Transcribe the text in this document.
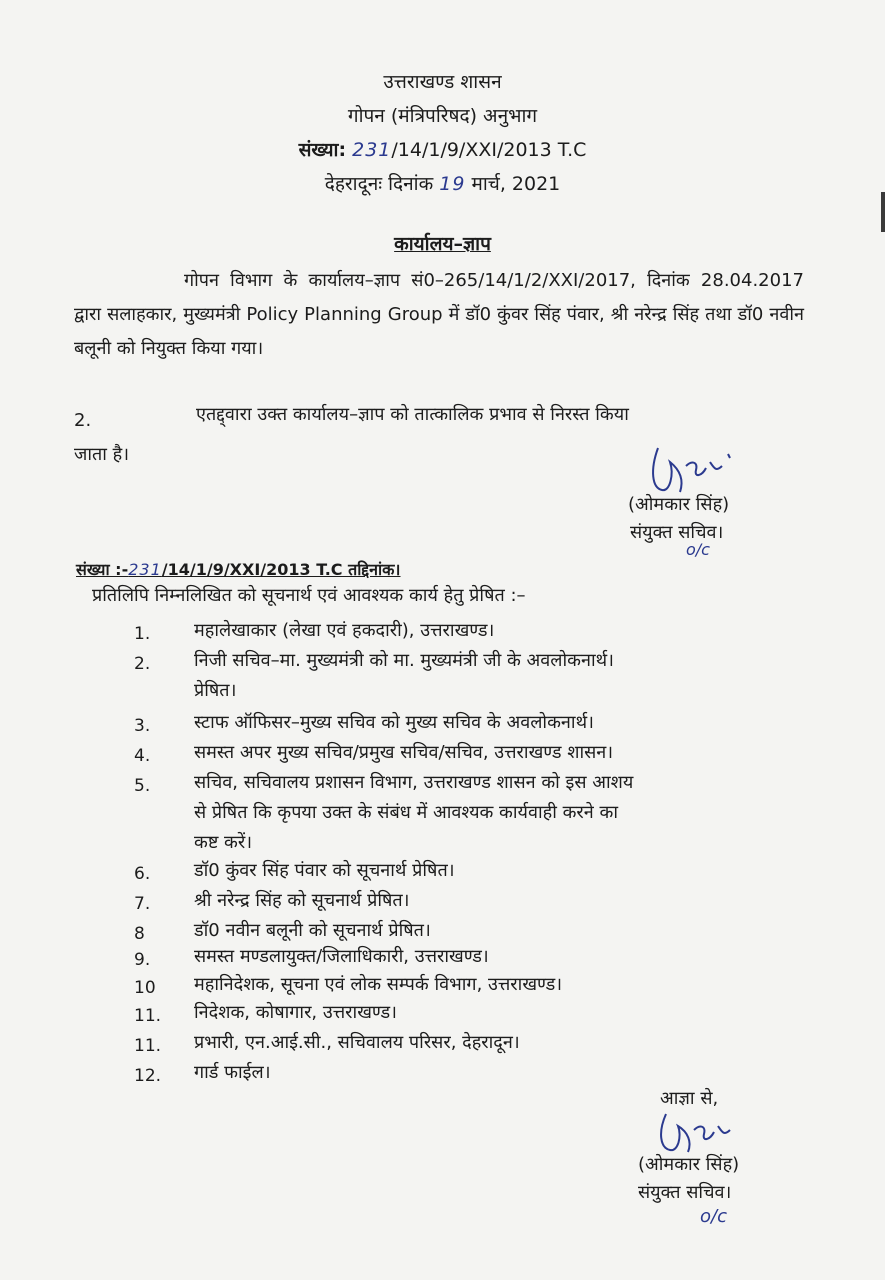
उत्तराखण्ड शासन
गोपन (मंत्रिपरिषद) अनुभाग
संख्या: 231/14/1/9/XXI/2013 T.C
देहरादूनः दिनांक 19 मार्च, 2021
कार्यालय–ज्ञाप
गोपन विभाग के कार्यालय–ज्ञाप सं0–265/14/1/2/XXI/2017, दिनांक 28.04.2017 द्वारा सलाहकार, मुख्यमंत्री Policy Planning Group में डॉ0 कुंवर सिंह पंवार, श्री नरेन्द्र सिंह तथा डॉ0 नवीन बलूनी को नियुक्त किया गया।
2.	एतद्द्वारा उक्त कार्यालय–ज्ञाप को तात्कालिक प्रभाव से निरस्त किया
जाता है।
(ओमकार सिंह)
संयुक्त सचिव।
o/c
संख्या :-231/14/1/9/XXI/2013 T.C तद्दिनांक।
प्रतिलिपि निम्नलिखित को सूचनार्थ एवं आवश्यक कार्य हेतु प्रेषित :–
1. महालेखाकार (लेखा एवं हकदारी), उत्तराखण्ड।
2. निजी सचिव–मा. मुख्यमंत्री को मा. मुख्यमंत्री जी के अवलोकनार्थ।
प्रेषित।
3. स्टाफ ऑफिसर–मुख्य सचिव को मुख्य सचिव के अवलोकनार्थ।
4. समस्त अपर मुख्य सचिव/प्रमुख सचिव/सचिव, उत्तराखण्ड शासन।
5. सचिव, सचिवालय प्रशासन विभाग, उत्तराखण्ड शासन को इस आशय
से प्रेषित कि कृपया उक्त के संबंध में आवश्यक कार्यवाही करने का
कष्ट करें।
6. डॉ0 कुंवर सिंह पंवार को सूचनार्थ प्रेषित।
7. श्री नरेन्द्र सिंह को सूचनार्थ प्रेषित।
8	डॉ0 नवीन बलूनी को सूचनार्थ प्रेषित।
9. समस्त मण्डलायुक्त/जिलाधिकारी, उत्तराखण्ड।
10 महानिदेशक, सूचना एवं लोक सम्पर्क विभाग, उत्तराखण्ड।
11. निदेशक, कोषागार, उत्तराखण्ड।
11. प्रभारी, एन.आई.सी., सचिवालय परिसर, देहरादून।
12. गार्ड फाईल।
आज्ञा से,
(ओमकार सिंह)
संयुक्त सचिव।
o/c
